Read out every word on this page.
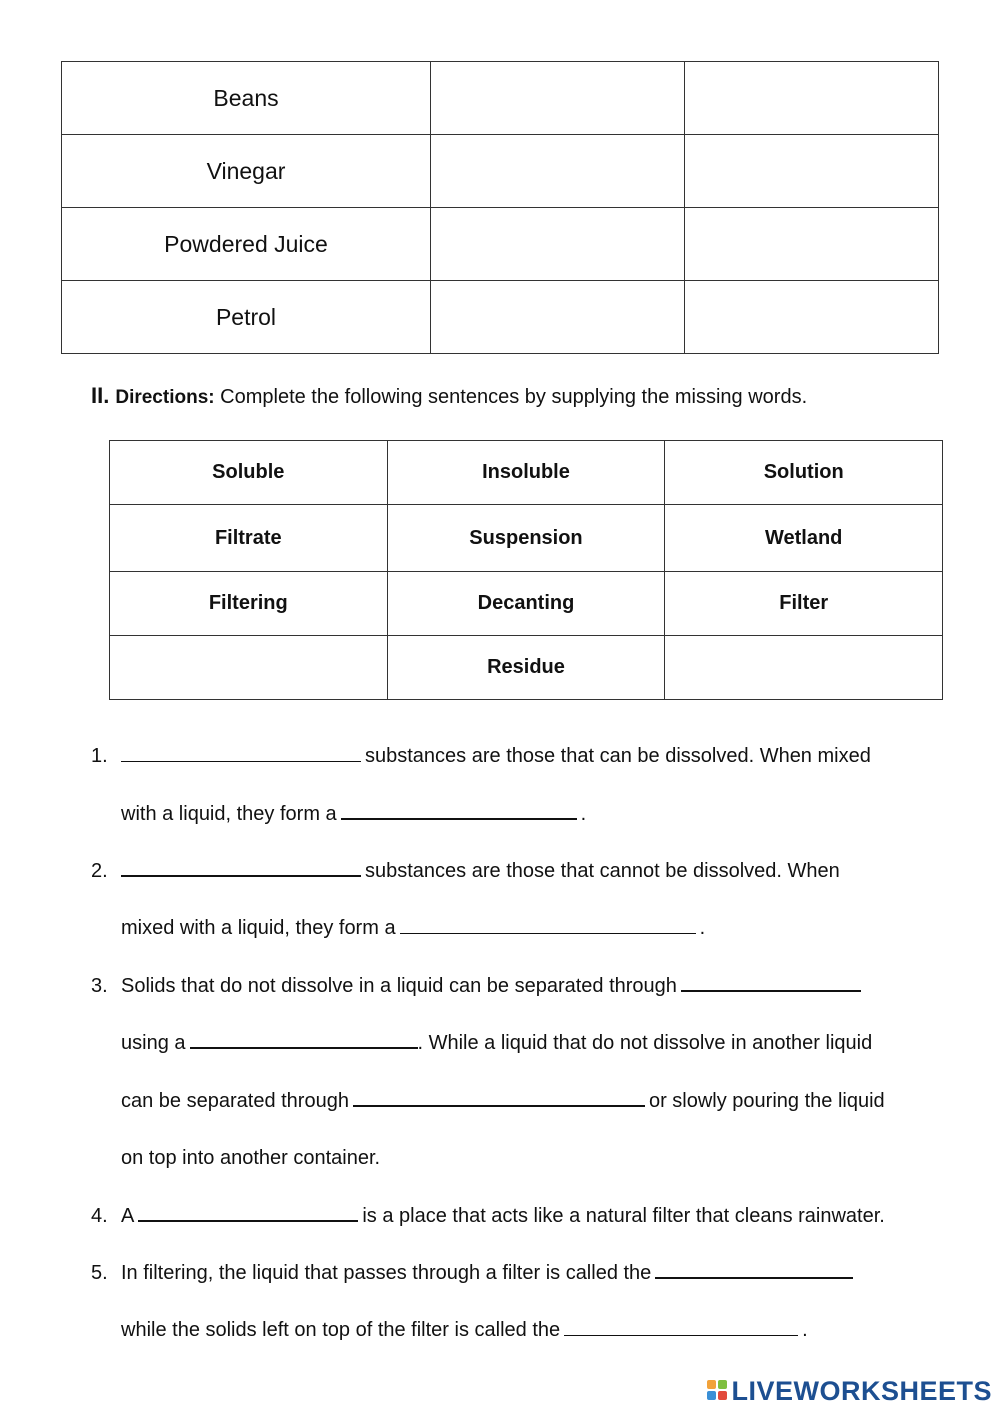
Beans		
Vinegar		
Powdered Juice		
Petrol		
II. Directions: Complete the following sentences by supplying the missing words.
Soluble	Insoluble	Solution
Filtrate	Suspension	Wetland
Filtering	Decanting	Filter
	Residue	
1.	substances are those that can be dissolved. When mixed
with a liquid, they form a	.
2.	substances are those that cannot be dissolved. When
mixed with a liquid, they form a	.
3. Solids that do not dissolve in a liquid can be separated through
using a	. While a liquid that do not dissolve in another liquid
can be separated through	or slowly pouring the liquid
on top into another container.
4. A	is a place that acts like a natural filter that cleans rainwater.
5. In filtering, the liquid that passes through a filter is called the
while the solids left on top of the filter is called the	.
LIVEWORKSHEETS
